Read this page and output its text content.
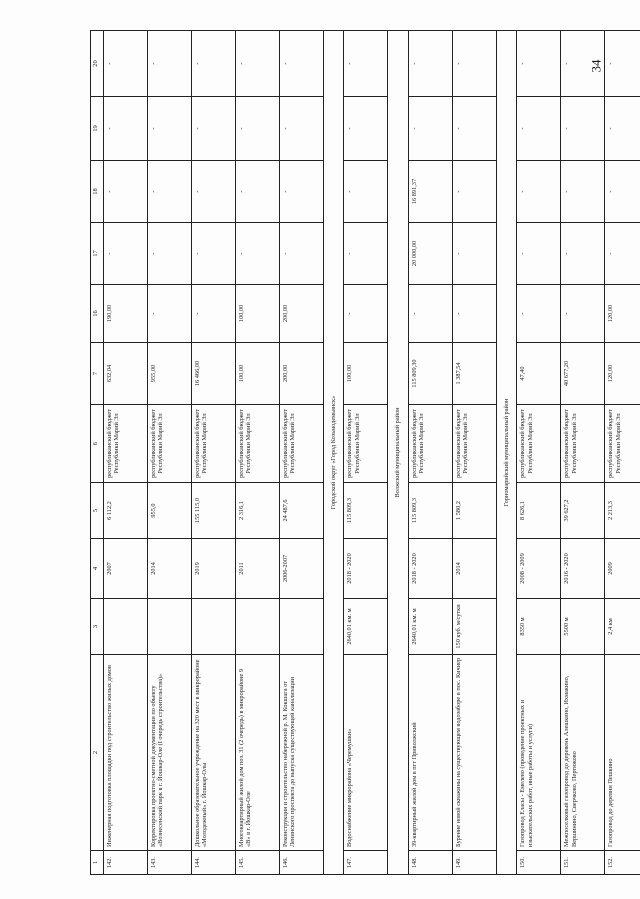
34
1	2	3	4	5	6	7	16	17	18	19	20
142.	Инженерная подготовка площадки под строительство жилых домов		2007	6 112,2	республиканский бюджет Республики Марий Эл	632,04	190,00	-	-	-	-
143.	Корректировка проектно-сметной документации по объекту «Вознесенский парк в г. Йошкар-Оле (I очередь строительства)»		2014	955,0	республиканский бюджет Республики Марий Эл	955,00	-	-	-	-	-
144.	Дошкольное образовательное учреждение на 320 мест в микрорайоне «Молодежный» г. Йошкар-Олы		2019	155 115,0	республиканский бюджет Республики Марий Эл	16 466,00	-	-	-	-	-
145.	Многоквартирный жилой дом поз. 31 (2 очередь) в микрорайоне 9 «В» в г. Йошкар-Оле		2011	2 316,1	республиканский бюджет Республики Марий Эл	100,00	100,00	-	-	-	-
146.	Реконструкция и строительство набережной р. М. Кокшага от Ленинского проспекта до выпуска существующей канализации		2006-2007	24 487,6	республиканский бюджет Республики Марий Эл	200,00	200,00	-	-	-	-
Городской округ «Город Козьмодемьянск»											
147.	Водоснабжение микрорайона «Черемушки»	2640,01 км. м	2018 - 2020	115 809,3	республиканский бюджет Республики Марий Эл	100,00	-	-	-	-	-
Волжский муниципальный район											
148.	39-квартирный жилой дом в пгт Приволжский	2640,01 км. м	2018 - 2020	115 809,3	республиканский бюджет Республики Марий Эл	115 809,30	-	20 000,00	16 891,37	-	-
149.	Бурение новой скважины на существующем водозаборе в пос. Кичиер	150 куб. м/сутки	2014	1 580,2	республиканский бюджет Республики Марий Эл	1 387,54	-	-	-	-	-
Горномарийский муниципальный район											
150.	Газопровод Еласы - Емелево (проведение проектных и изыскательских работ, иные работы и услуги)	8350 м	2008 - 2009	8 626,1	республиканский бюджет Республики Марий Эл	47,40	-	-	-	-	-
151.	Межпоселковый газопровод до деревень Алешкино, Ихмакино, Вершинино, Сверчково, Пертюково	5500 м	2016 - 2020	39 627,2	республиканский бюджет Республики Марий Эл	40 677,20	-	-	-	-	-
152.	Газопровод до деревни Пешкино	2,4 км	2009	2 213,3	республиканский бюджет Республики Марий Эл	120,00	120,00	-	-	-	-
